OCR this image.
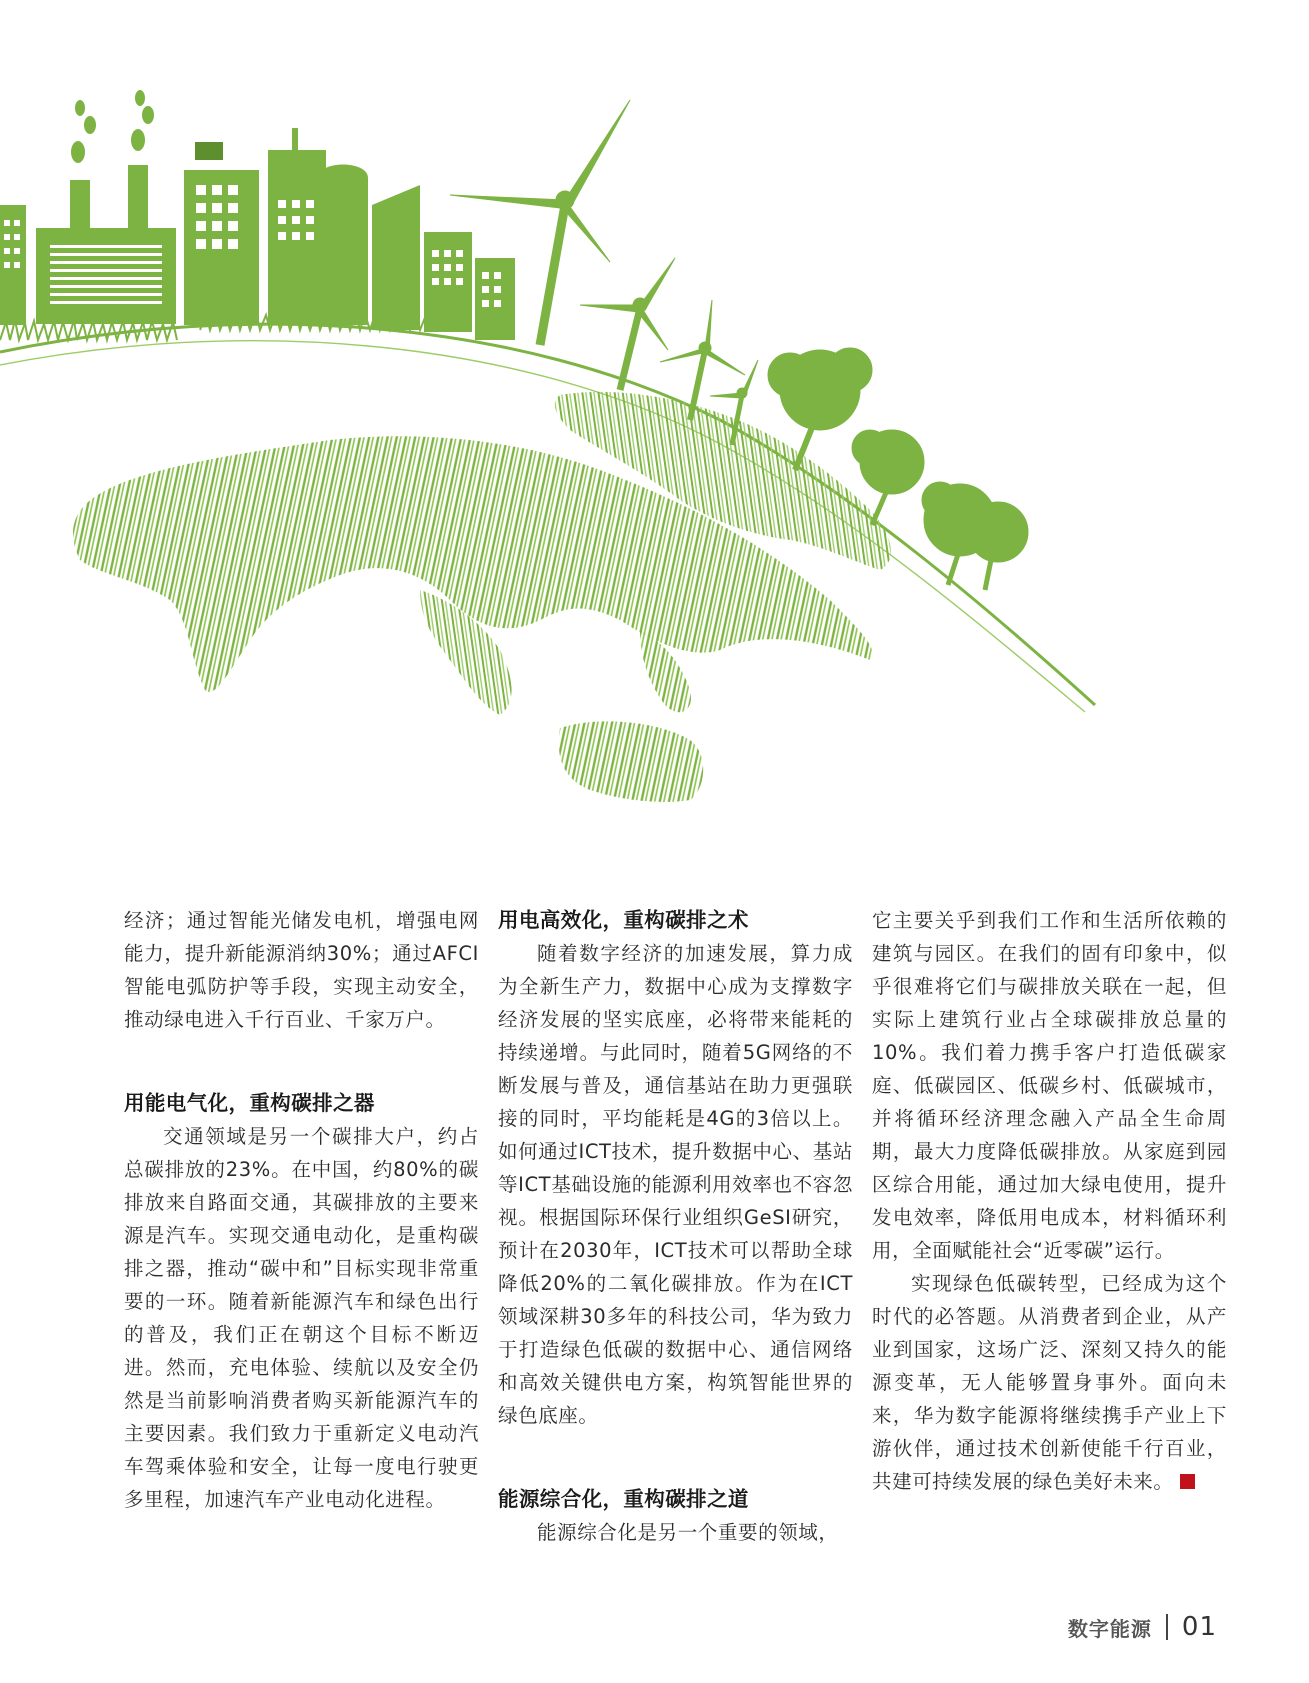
经济；通过智能光储发电机，增强电网能力，提升新能源消纳30%；通过AFCI智能电弧防护等手段，实现主动安全，推动绿电进入千行百业、千家万户。

用能电气化，重构碳排之器

交通领域是另一个碳排大户，约占总碳排放的23%。在中国，约80%的碳排放来自路面交通，其碳排放的主要来源是汽车。实现交通电动化，是重构碳排之器，推动“碳中和”目标实现非常重要的一环。随着新能源汽车和绿色出行的普及，我们正在朝这个目标不断迈进。然而，充电体验、续航以及安全仍然是当前影响消费者购买新能源汽车的主要因素。我们致力于重新定义电动汽车驾乘体验和安全，让每一度电行驶更多里程，加速汽车产业电动化进程。

用电高效化，重构碳排之术

随着数字经济的加速发展，算力成为全新生产力，数据中心成为支撑数字经济发展的坚实底座，必将带来能耗的持续递增。与此同时，随着5G网络的不断发展与普及，通信基站在助力更强联接的同时，平均能耗是4G的3倍以上。如何通过ICT技术，提升数据中心、基站等ICT基础设施的能源利用效率也不容忽视。根据国际环保行业组织GeSI研究，预计在2030年，ICT技术可以帮助全球降低20%的二氧化碳排放。作为在ICT领域深耕30多年的科技公司，华为致力于打造绿色低碳的数据中心、通信网络和高效关键供电方案，构筑智能世界的绿色底座。

能源综合化，重构碳排之道

能源综合化是另一个重要的领域，

它主要关乎到我们工作和生活所依赖的建筑与园区。在我们的固有印象中，似乎很难将它们与碳排放关联在一起，但实际上建筑行业占全球碳排放总量的10%。我们着力携手客户打造低碳家庭、低碳园区、低碳乡村、低碳城市，并将循环经济理念融入产品全生命周期，最大力度降低碳排放。从家庭到园区综合用能，通过加大绿电使用，提升发电效率，降低用电成本，材料循环利用，全面赋能社会“近零碳”运行。

实现绿色低碳转型，已经成为这个时代的必答题。从消费者到企业，从产业到国家，这场广泛、深刻又持久的能源变革，无人能够置身事外。面向未来，华为数字能源将继续携手产业上下游伙伴，通过技术创新使能千行百业，共建可持续发展的绿色美好未来。

数字能源 01
